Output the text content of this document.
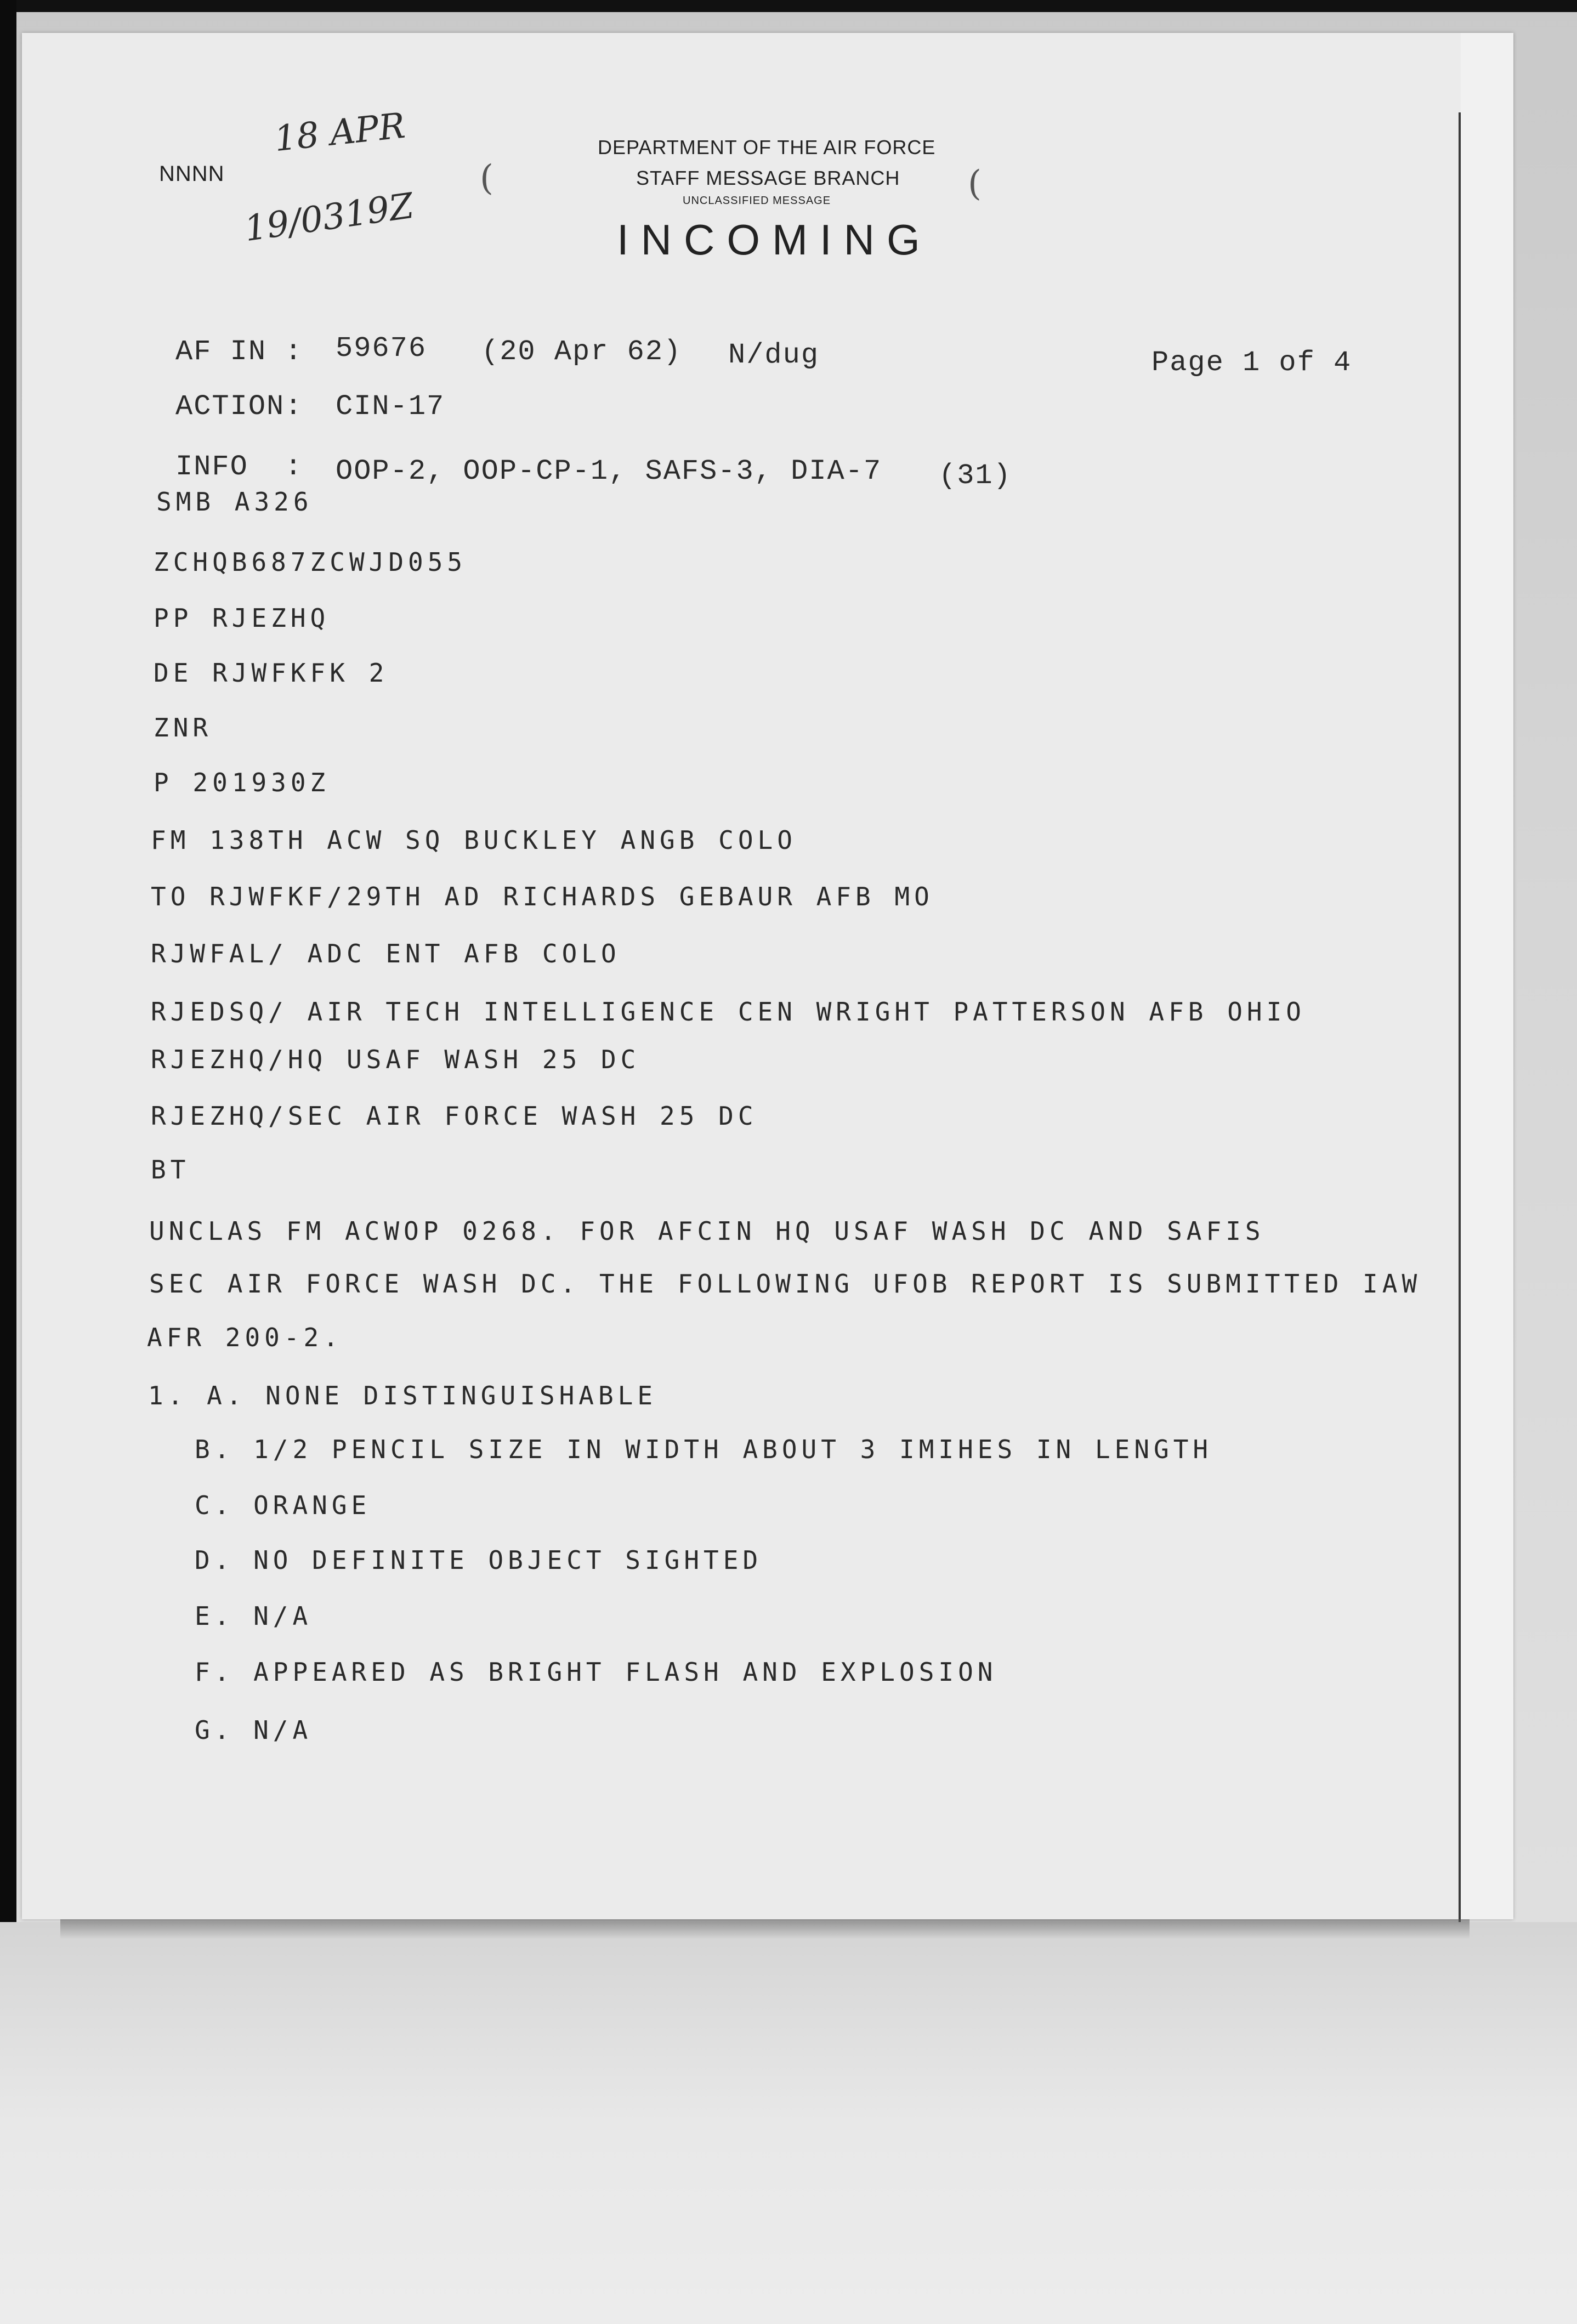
NNNN
18 APR
19/0319Z
DEPARTMENT OF THE AIR FORCE
STAFF MESSAGE BRANCH
UNCLASSIFIED MESSAGE
INCOMING
(	(
AF IN : 59676 (20 Apr 62) N/dug	Page 1 of 4
ACTION: CIN-17
INFO  : OOP-2, OOP-CP-1, SAFS-3, DIA-7 (31)
SMB A326
ZCHQB687ZCWJD055
PP RJEZHQ
DE RJWFKFK 2
ZNR
P 201930Z
FM 138TH ACW SQ BUCKLEY ANGB COLO
TO RJWFKF/29TH AD RICHARDS GEBAUR AFB MO
RJWFAL/ ADC ENT AFB COLO
RJEDSQ/ AIR TECH INTELLIGENCE CEN WRIGHT PATTERSON AFB OHIO
RJEZHQ/HQ USAF WASH 25 DC
RJEZHQ/SEC AIR FORCE WASH 25 DC
BT
UNCLAS FM ACWOP 0268. FOR AFCIN HQ USAF WASH DC AND SAFIS
SEC AIR FORCE WASH DC. THE FOLLOWING UFOB REPORT IS SUBMITTED IAW
AFR 200-2.
1. A. NONE DISTINGUISHABLE
B. 1/2 PENCIL SIZE IN WIDTH ABOUT 3 IMIHES IN LENGTH
C. ORANGE
D. NO DEFINITE OBJECT SIGHTED
E. N/A
F. APPEARED AS BRIGHT FLASH AND EXPLOSION
G. N/A
